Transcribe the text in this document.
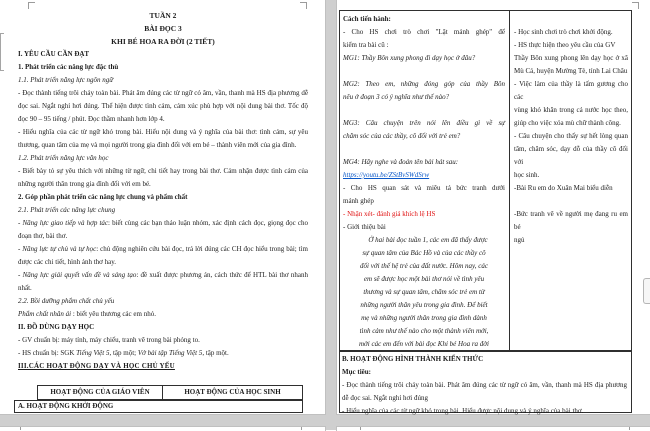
TUẦN 2

BÀI ĐỌC 3

KHI BÉ HOA RA ĐỜI (2 TIẾT)

I. YÊU CẦU CẦN ĐẠT

1. Phát triển các năng lực đặc thù

1.1. Phát triển năng lực ngôn ngữ

- Đọc thành tiếng trôi chảy toàn bài. Phát âm đúng các từ ngữ có âm, vần, thanh mà HS địa phương dễ đọc sai. Ngắt nghỉ hơi đúng. Thể hiện được tình cảm, cảm xúc phù hợp với nội dung bài thơ. Tốc độ đọc 90 – 95 tiếng / phút. Đọc thầm nhanh hơn lớp 4.

- Hiểu nghĩa của các từ ngữ khó trong bài. Hiểu nội dung và ý nghĩa của bài thơ: tình cảm, sự yêu thương, quan tâm của mẹ và mọi người trong gia đình đối với em bé – thành viên mới của gia đình.

1.2. Phát triển năng lực văn học

- Biết bày tỏ sự yêu thích với những từ ngữ, chi tiết hay trong bài thơ. Cảm nhận được tình cảm của những người thân trong gia đình đối với em bé.

2. Góp phần phát triển các năng lực chung và phẩm chất

2.1. Phát triển các năng lực chung

- Năng lực giao tiếp và hợp tác: biết cùng các bạn thảo luận nhóm, xác định cách đọc, giọng đọc cho đoạn thơ, bài thơ.

- Năng lực tự chủ và tự học: chủ động nghiên cứu bài đọc, trả lời đúng các CH đọc hiểu trong bài; tìm được các chi tiết, hình ảnh thơ hay.

- Năng lực giải quyết vấn đề và sáng tạo: đề xuất được phương án, cách thức để HTL bài thơ nhanh nhất.

2.2. Bồi dưỡng phẩm chất chủ yếu

Phẩm chất nhân ái : biết yêu thương các em nhỏ.

II. ĐỒ DÙNG DẠY HỌC

- GV chuẩn bị: máy tính, máy chiếu, tranh vẽ trong bài phóng to.

- HS chuẩn bị: SGK Tiếng Việt 5, tập một; Vở bài tập Tiếng Việt 5, tập một.

III.CÁC HOẠT ĐỘNG DẠY VÀ HỌC CHỦ YẾU

HOẠT ĐỘNG CỦA GIÁO VIÊN	HOẠT ĐỘNG CỦA HỌC SINH
A. HOẠT ĐỘNG KHỞI ĐỘNG

Cách tiến hành:

- Cho HS chơi trò chơi "Lật mảnh ghép" để

kiểm tra bài cũ :

MG1: Thầy Bôn xung phong đi dạy học ở đâu?

MG2: Theo em, những đóng góp của thầy Bôn

nêu ở đoạn 3 có ý nghĩa như thế nào?

MG3: Câu chuyện trên nói lên điều gì về sự

chăm sóc của các thầy, cô đối với trẻ em?

MG4: Hãy nghe và đoán tên bài hát sau:

https://youtu.be/ZStBvSWdSrw

- Cho HS quan sát và miêu tả bức tranh dưới

mảnh ghép

- Nhận xét- đánh giá khích lệ HS

- Giới thiệu bài

Ở hai bài đọc tuần 1, các em đã thấy được

sự quan tâm của Bác Hồ và của các thầy cô

đối với thế hệ trẻ của đất nước. Hôm nay, các

em sẽ được học một bài thơ nói về tình yêu

thương và sự quan tâm, chăm sóc trẻ em từ

những người thân yêu trong gia đình. Để biết

mẹ và những người thân trong gia đình dành

tình cảm như thế nào cho một thành viên mới,

mời các em đến với bài đọc Khi bé Hoa ra đời

- Học sinh chơi trò chơi khởi động.

- HS thực hiện theo yêu cầu của GV

Thầy Bôn xung phong lên dạy học ở xã

Mù Cả, huyện Mường Tè, tỉnh Lai Châu

- Việc làm của thầy là tấm gương cho các

vùng khó khăn trong cả nước học theo,

giúp cho việc xóa mù chữ thành công.

- Câu chuyện cho thấy sự hết lòng quan

tâm, chăm sóc, dạy dỗ của thầy cô đối với

học sinh.

-Bài Ru em do Xuân Mai biểu diễn

-Bức tranh vẽ về người mẹ đang ru em bé

ngủ

B. HOẠT ĐỘNG HÌNH THÀNH KIẾN THỨC

Mục tiêu:

- Đọc thành tiếng trôi chảy toàn bài. Phát âm đúng các từ ngữ có âm, vần, thanh mà HS địa phương dễ đọc sai. Ngắt nghỉ hơi đúng

- Hiểu nghĩa của các từ ngữ khó trong bài. Hiểu được nội dung và ý nghĩa của bài thơ.
